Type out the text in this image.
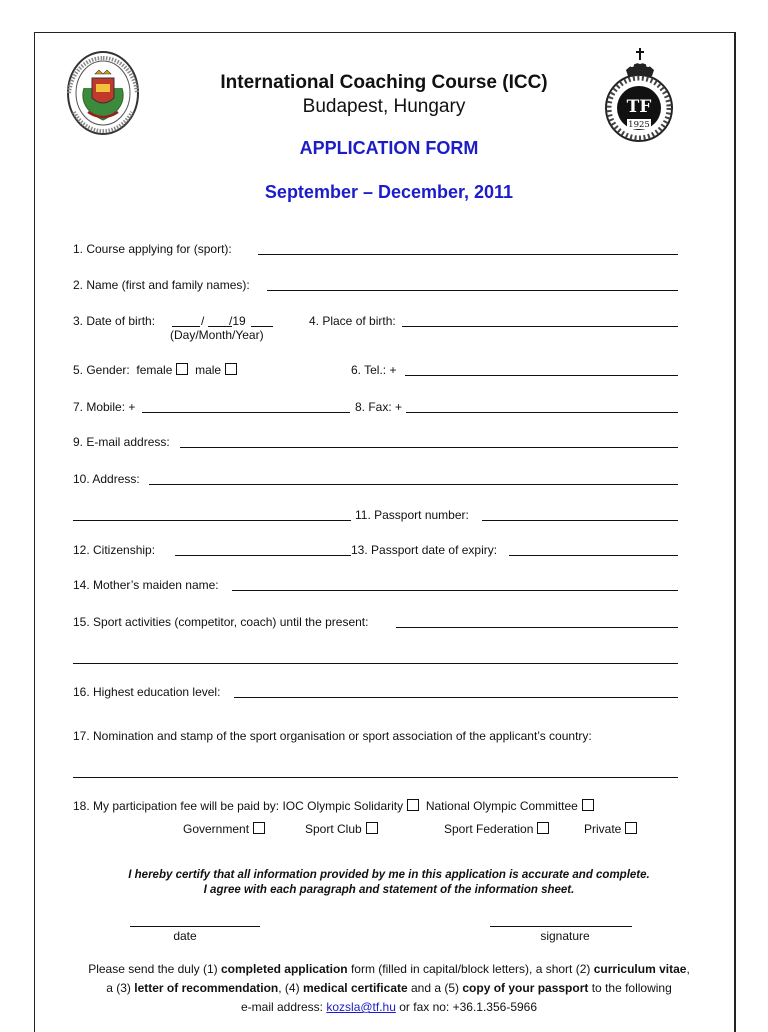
TF
1925
International Coaching Course (ICC)
Budapest, Hungary
APPLICATION FORM
September – December, 2011
1. Course applying for (sport):
2. Name (first and family names):
3. Date of birth:	/ /19
(Day/Month/Year)
4. Place of birth:
5. Gender: female male	6. Tel.: +
7. Mobile: +	8. Fax: +
9. E-mail address:
10. Address:
11. Passport number:
12. Citizenship:	13. Passport date of expiry:
14. Mother’s maiden name:
15. Sport activities (competitor, coach) until the present:
16. Highest education level:
17. Nomination and stamp of the sport organisation or sport association of the applicant’s country:
18. My participation fee will be paid by: IOC Olympic Solidarity National Olympic Committee
Government	Sport Club	Sport Federation	Private
I hereby certify that all information provided by me in this application is accurate and complete.
I agree with each paragraph and statement of the information sheet.
date	signature
Please send the duly (1) completed application form (filled in capital/block letters), a short (2) curriculum vitae,
a (3) letter of recommendation, (4) medical certificate and a (5) copy of your passport to the following
e-mail address: kozsla@tf.hu or fax no: +36.1.356-5966
